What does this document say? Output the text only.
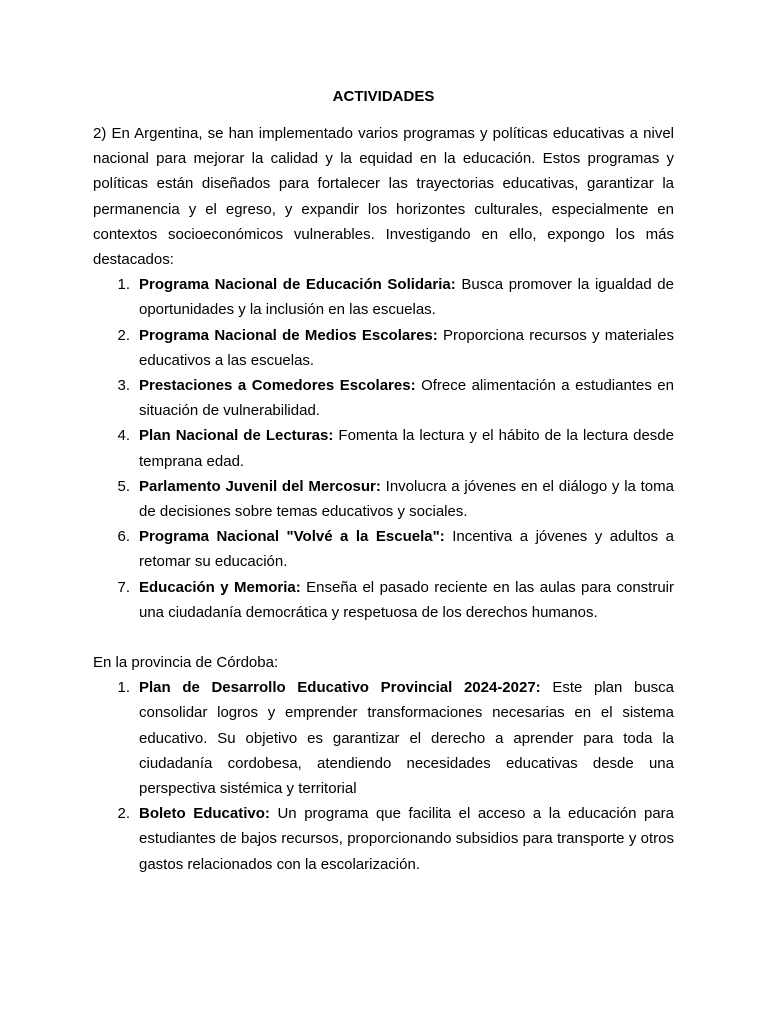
ACTIVIDADES

2) En Argentina, se han implementado varios programas y políticas educativas a nivel nacional para mejorar la calidad y la equidad en la educación. Estos programas y políticas están diseñados para fortalecer las trayectorias educativas, garantizar la permanencia y el egreso, y expandir los horizontes culturales, especialmente en contextos socioeconómicos vulnerables. Investigando en ello, expongo los más destacados:

1. Programa Nacional de Educación Solidaria: Busca promover la igualdad de oportunidades y la inclusión en las escuelas.
2. Programa Nacional de Medios Escolares: Proporciona recursos y materiales educativos a las escuelas.
3. Prestaciones a Comedores Escolares: Ofrece alimentación a estudiantes en situación de vulnerabilidad.
4. Plan Nacional de Lecturas: Fomenta la lectura y el hábito de la lectura desde temprana edad.
5. Parlamento Juvenil del Mercosur: Involucra a jóvenes en el diálogo y la toma de decisiones sobre temas educativos y sociales.
6. Programa Nacional "Volvé a la Escuela": Incentiva a jóvenes y adultos a retomar su educación.
7. Educación y Memoria: Enseña el pasado reciente en las aulas para construir una ciudadanía democrática y respetuosa de los derechos humanos.

En la provincia de Córdoba:

1. Plan de Desarrollo Educativo Provincial 2024-2027: Este plan busca consolidar logros y emprender transformaciones necesarias en el sistema educativo. Su objetivo es garantizar el derecho a aprender para toda la ciudadanía cordobesa, atendiendo necesidades educativas desde una perspectiva sistémica y territorial
2. Boleto Educativo: Un programa que facilita el acceso a la educación para estudiantes de bajos recursos, proporcionando subsidios para transporte y otros gastos relacionados con la escolarización.
